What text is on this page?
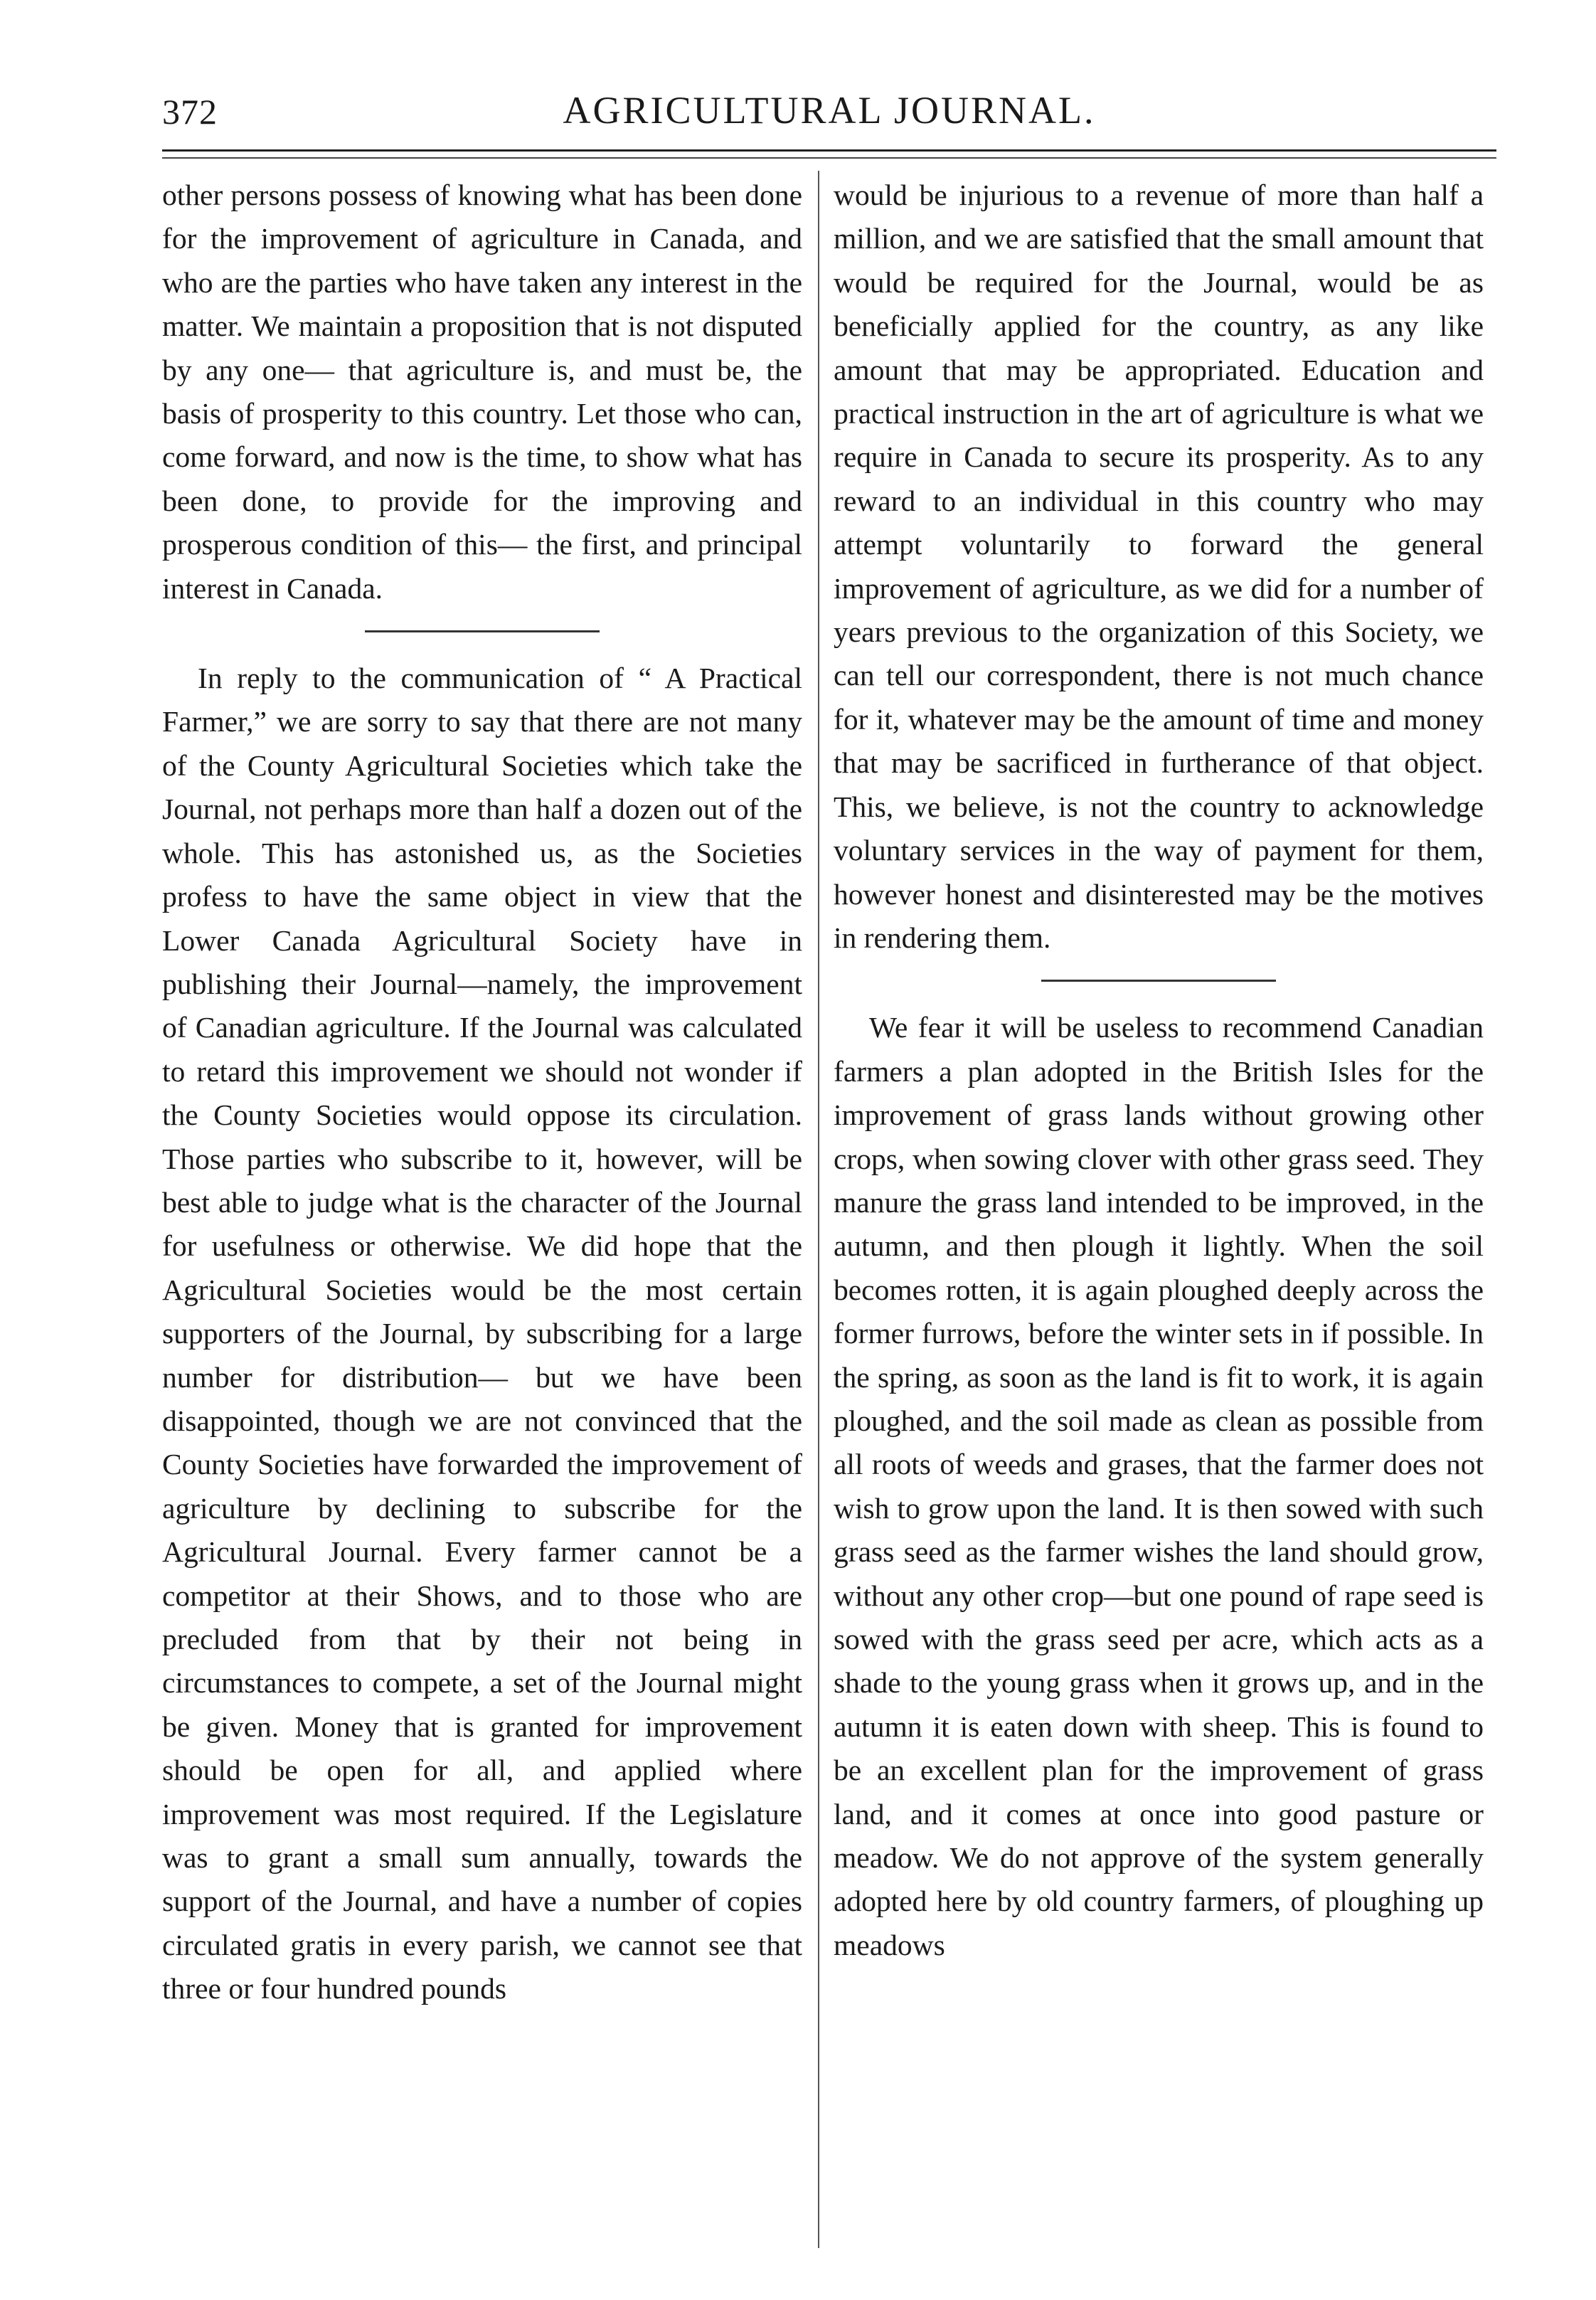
372	AGRICULTURAL JOURNAL.

other persons possess of knowing what has been done for the improvement of agriculture in Canada, and who are the parties who have taken any interest in the matter. We maintain a proposition that is not disputed by any one— that agriculture is, and must be, the basis of prosperity to this country. Let those who can, come forward, and now is the time, to show what has been done, to provide for the improving and prosperous condition of this— the first, and principal interest in Canada.

In reply to the communication of “ A Practical Farmer,” we are sorry to say that there are not many of the County Agricultural Societies which take the Journal, not perhaps more than half a dozen out of the whole. This has astonished us, as the Societies profess to have the same object in view that the Lower Canada Agricultural Society have in publishing their Journal—namely, the improvement of Canadian agriculture. If the Journal was calculated to retard this improvement we should not wonder if the County Societies would oppose its circulation. Those parties who subscribe to it, however, will be best able to judge what is the character of the Journal for usefulness or otherwise. We did hope that the Agricultural Societies would be the most certain supporters of the Journal, by subscribing for a large number for distribution— but we have been disappointed, though we are not convinced that the County Societies have forwarded the improvement of agriculture by declining to subscribe for the Agricultural Journal. Every farmer cannot be a competitor at their Shows, and to those who are precluded from that by their not being in circumstances to compete, a set of the Journal might be given. Money that is granted for improvement should be open for all, and applied where improvement was most required. If the Legislature was to grant a small sum annually, towards the support of the Journal, and have a number of copies circulated gratis in every parish, we cannot see that three or four hundred pounds

would be injurious to a revenue of more than half a million, and we are satisfied that the small amount that would be required for the Journal, would be as beneficially applied for the country, as any like amount that may be appropriated. Education and practical instruction in the art of agriculture is what we require in Canada to secure its prosperity. As to any reward to an individual in this country who may attempt voluntarily to forward the general improvement of agriculture, as we did for a number of years previous to the organization of this Society, we can tell our correspondent, there is not much chance for it, whatever may be the amount of time and money that may be sacrificed in furtherance of that object. This, we believe, is not the country to acknowledge voluntary services in the way of payment for them, however honest and disinterested may be the motives in rendering them.

We fear it will be useless to recommend Canadian farmers a plan adopted in the British Isles for the improvement of grass lands without growing other crops, when sowing clover with other grass seed. They manure the grass land intended to be improved, in the autumn, and then plough it lightly. When the soil becomes rotten, it is again ploughed deeply across the former furrows, before the winter sets in if possible. In the spring, as soon as the land is fit to work, it is again ploughed, and the soil made as clean as possible from all roots of weeds and grases, that the farmer does not wish to grow upon the land. It is then sowed with such grass seed as the farmer wishes the land should grow, without any other crop—but one pound of rape seed is sowed with the grass seed per acre, which acts as a shade to the young grass when it grows up, and in the autumn it is eaten down with sheep. This is found to be an excellent plan for the improvement of grass land, and it comes at once into good pasture or meadow. We do not approve of the system generally adopted here by old country farmers, of ploughing up meadows
